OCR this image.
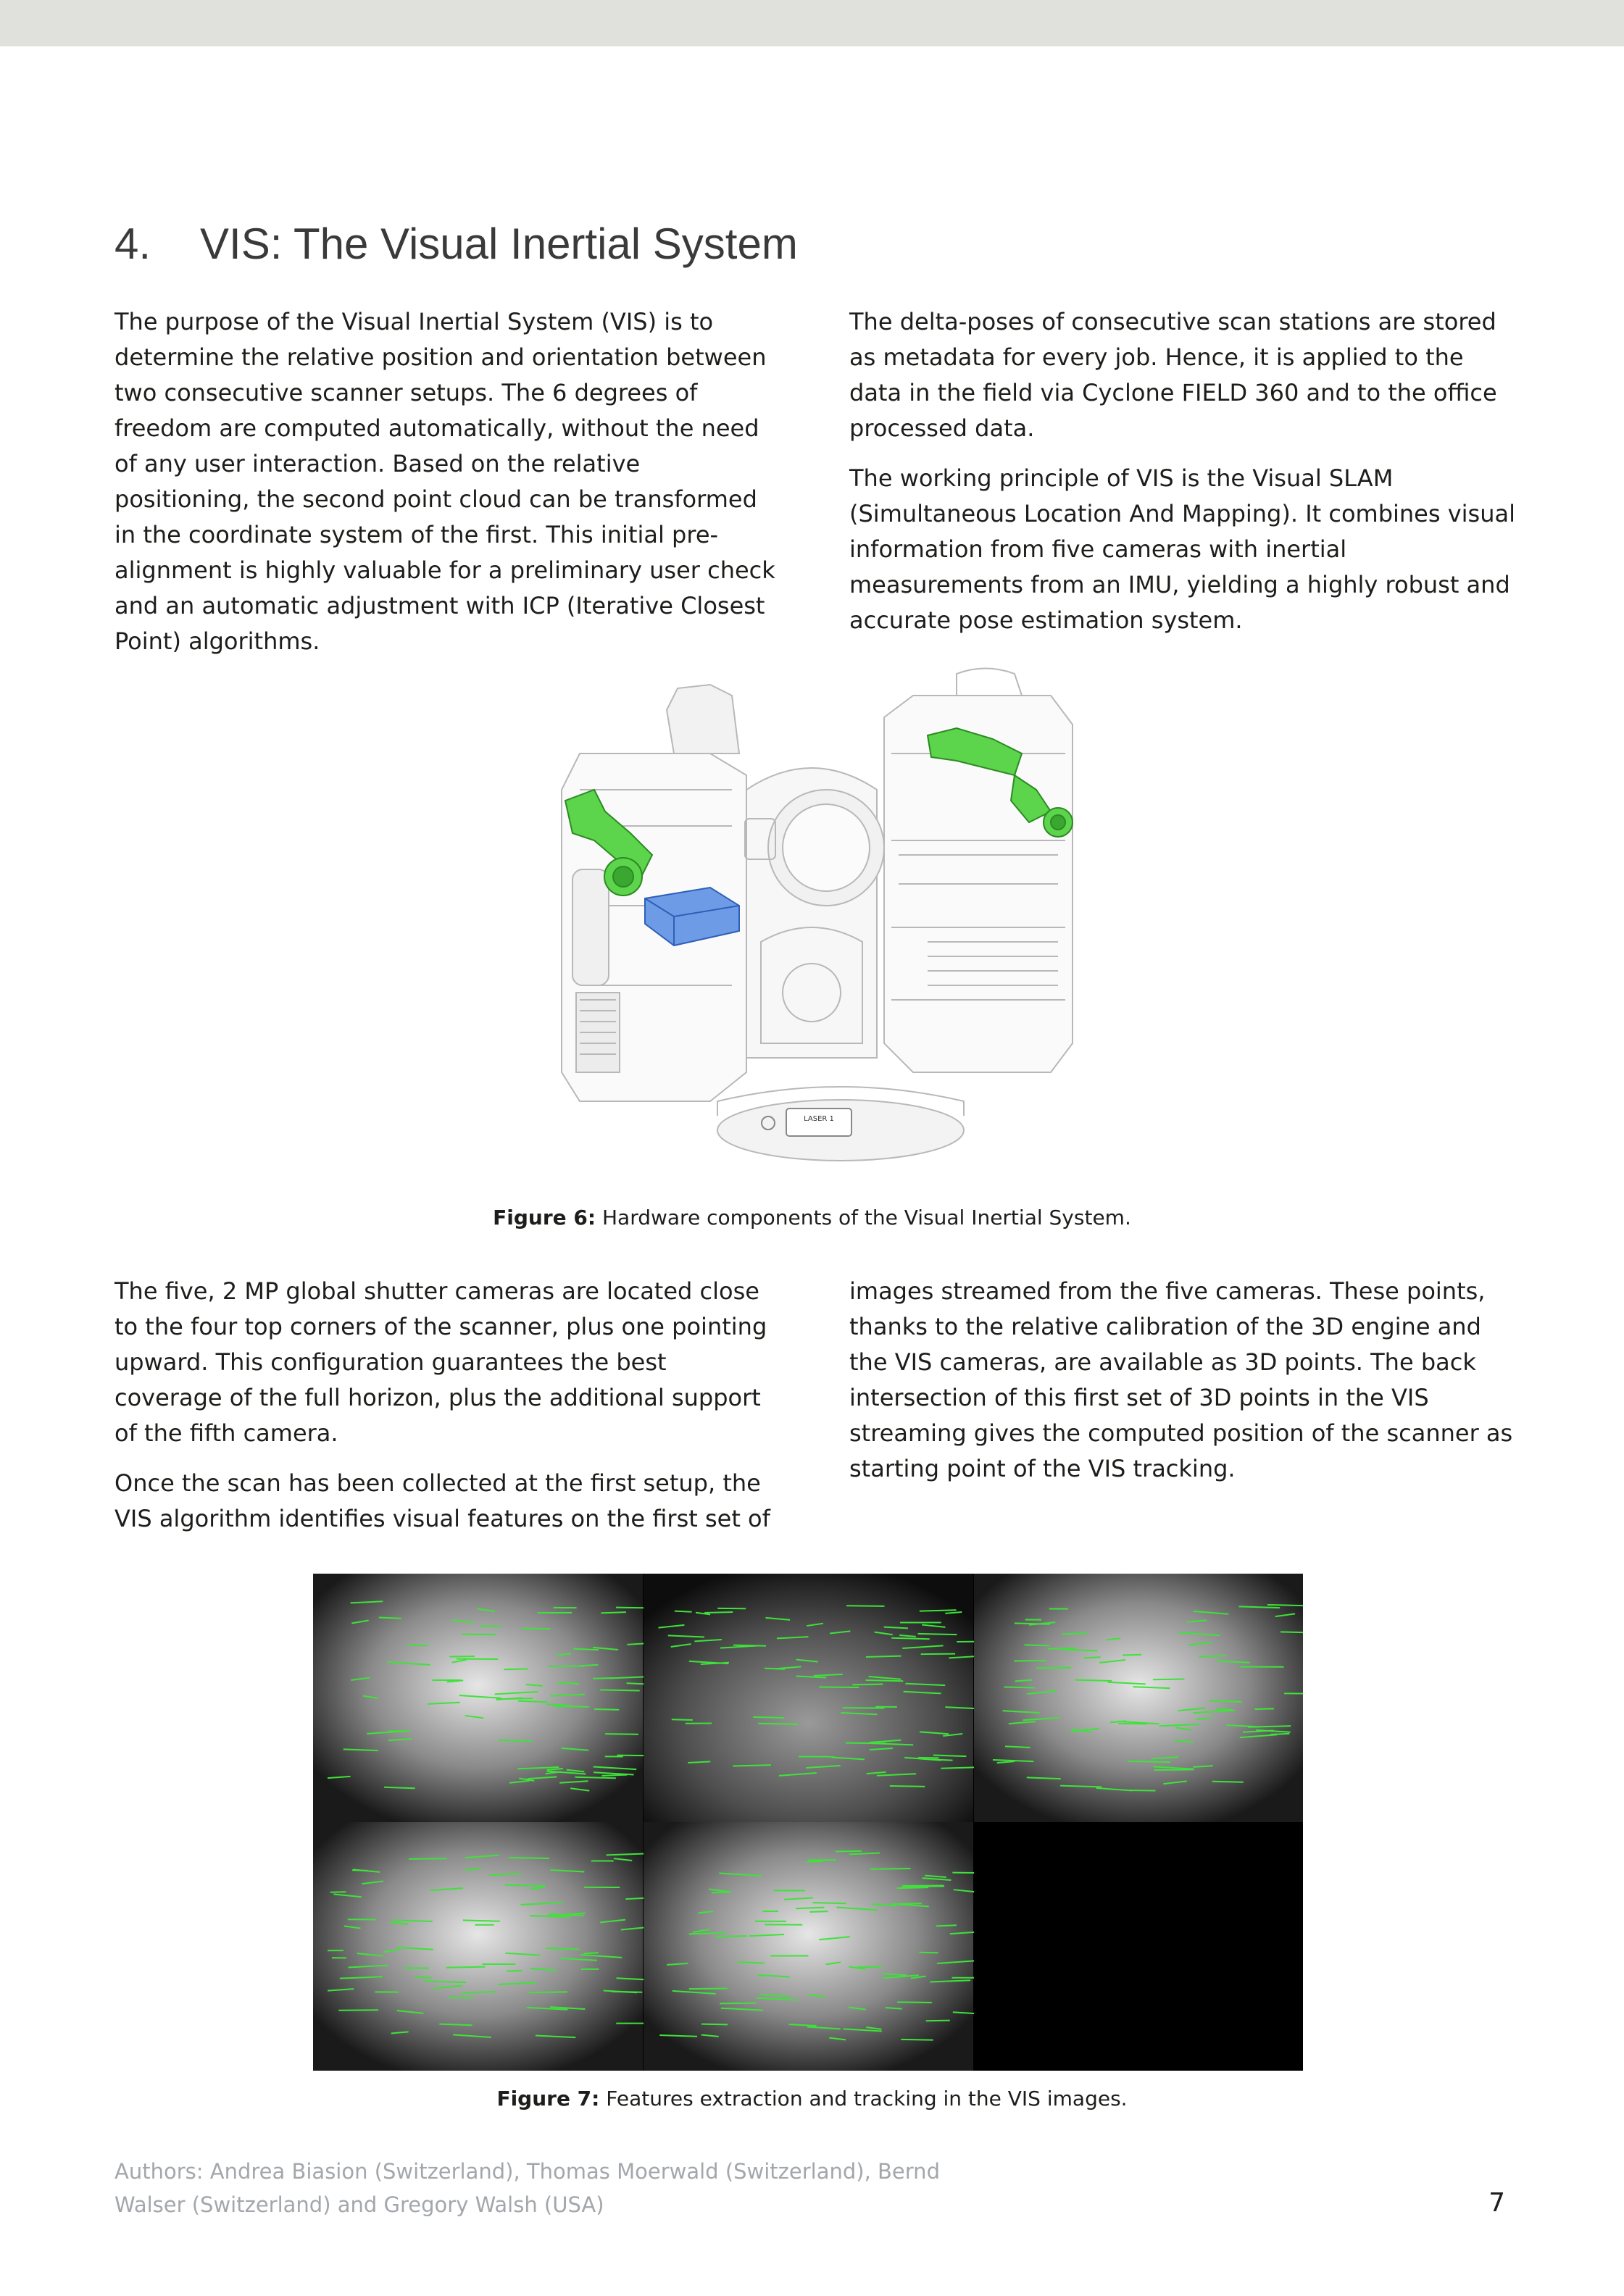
4. VIS: The Visual Inertial System

The purpose of the Visual Inertial System (VIS) is to determine the relative position and orientation between two consecutive scanner setups. The 6 degrees of freedom are computed automatically, without the need of any user interaction. Based on the relative positioning, the second point cloud can be transformed in the coordinate system of the first. This initial pre-alignment is highly valuable for a preliminary user check and an automatic adjustment with ICP (Iterative Closest Point) algorithms.

The delta-poses of consecutive scan stations are stored as metadata for every job. Hence, it is applied to the data in the field via Cyclone FIELD 360 and to the office processed data.

The working principle of VIS is the Visual SLAM (Simultaneous Location And Mapping). It combines visual information from five cameras with inertial measurements from an IMU, yielding a highly robust and accurate pose estimation system.

LASER 1
Figure 6: Hardware components of the Visual Inertial System.

The five, 2 MP global shutter cameras are located close to the four top corners of the scanner, plus one pointing upward. This configuration guarantees the best coverage of the full horizon, plus the additional support of the fifth camera.

Once the scan has been collected at the first setup, the VIS algorithm identifies visual features on the first set of

images streamed from the five cameras. These points, thanks to the relative calibration of the 3D engine and the VIS cameras, are available as 3D points. The back intersection of this first set of 3D points in the VIS streaming gives the computed position of the scanner as starting point of the VIS tracking.

Figure 7: Features extraction and tracking in the VIS images.
Authors: Andrea Biasion (Switzerland), Thomas Moerwald (Switzerland), Bernd Walser (Switzerland) and Gregory Walsh (USA)	7
